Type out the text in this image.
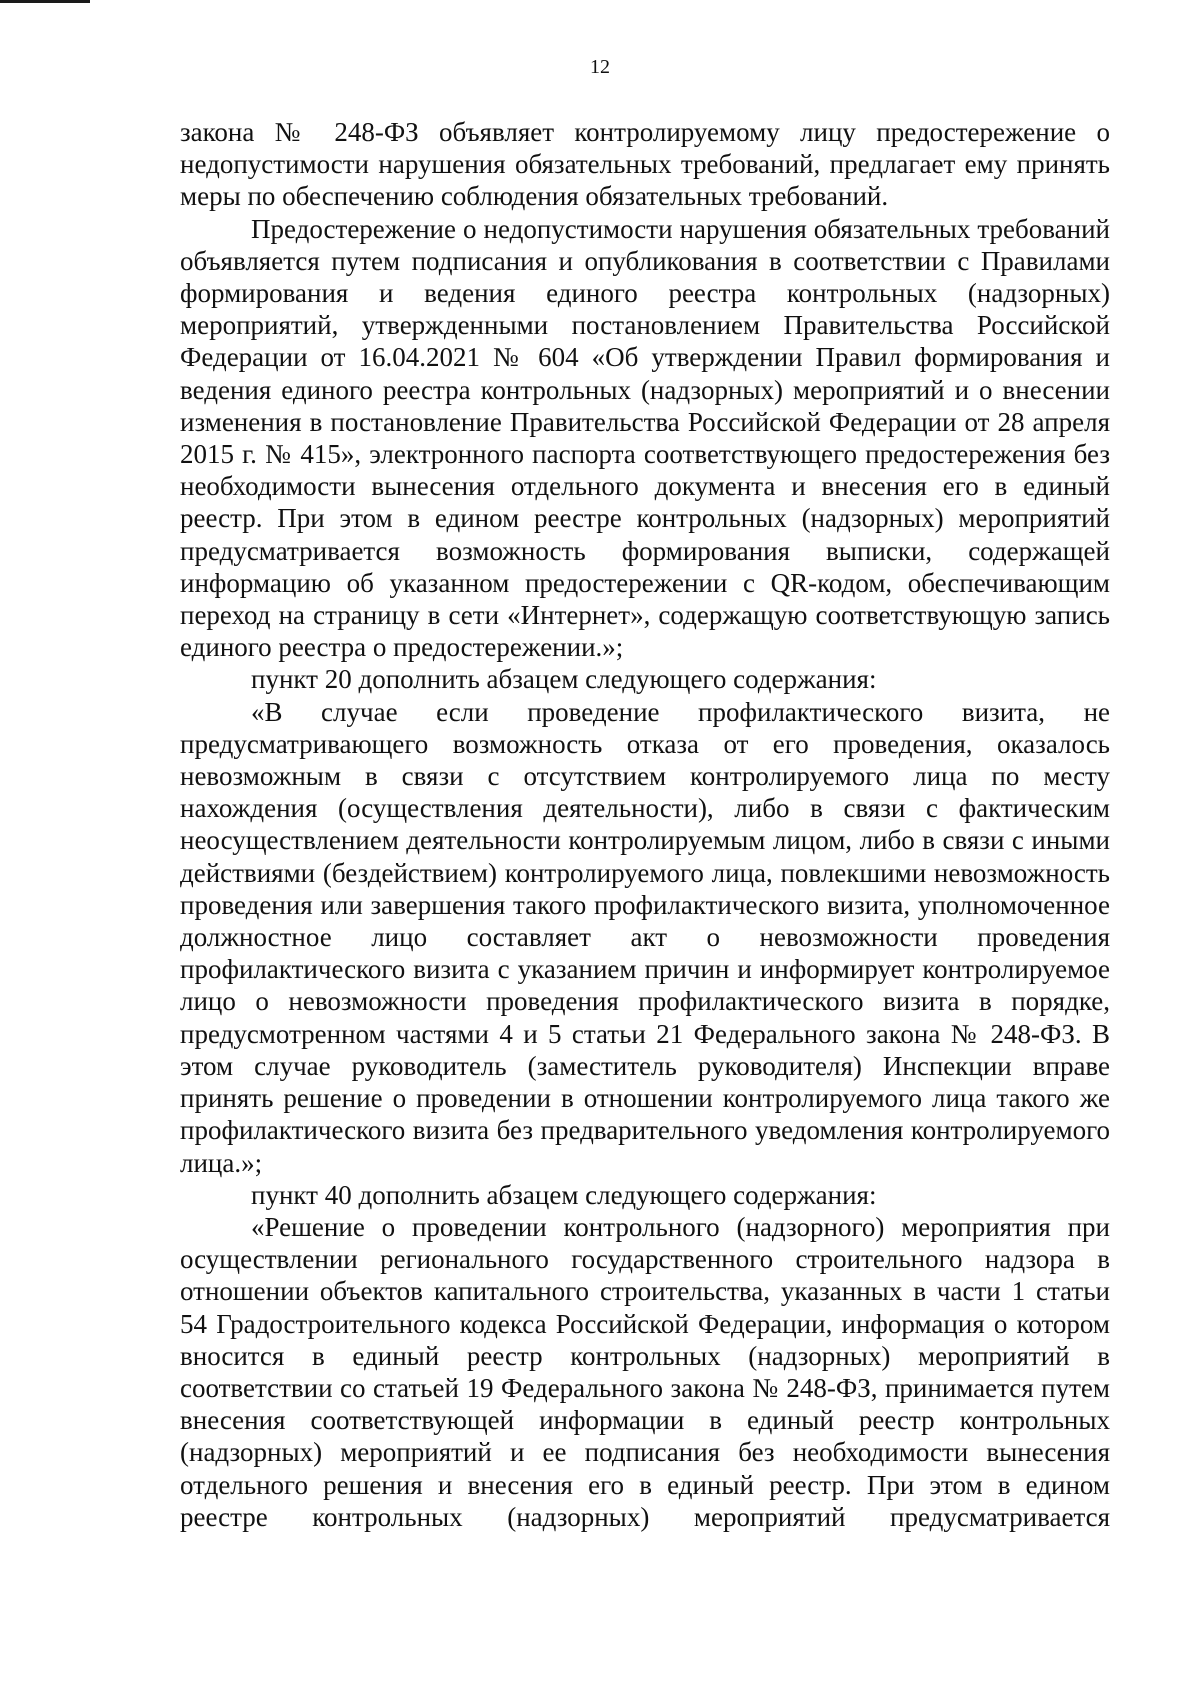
12

закона № 248-ФЗ объявляет контролируемому лицу предостережение о недопустимости нарушения обязательных требований, предлагает ему принять меры по обеспечению соблюдения обязательных требований.

Предостережение о недопустимости нарушения обязательных требований объявляется путем подписания и опубликования в соответствии с Правилами формирования и ведения единого реестра контрольных (надзорных) мероприятий, утвержденными постановлением Правительства Российской Федерации от 16.04.2021 № 604 «Об утверждении Правил формирования и ведения единого реестра контрольных (надзорных) мероприятий и о внесении изменения в постановление Правительства Российской Федерации от 28 апреля 2015 г. № 415», электронного паспорта соответствующего предостережения без необходимости вынесения отдельного документа и внесения его в единый реестр. При этом в едином реестре контрольных (надзорных) мероприятий предусматривается возможность формирования выписки, содержащей информацию об указанном предостережении с QR-кодом, обеспечивающим переход на страницу в сети «Интернет», содержащую соответствующую запись единого реестра о предостережении.»;

пункт 20 дополнить абзацем следующего содержания:

«В случае если проведение профилактического визита, не предусматривающего возможность отказа от его проведения, оказалось невозможным в связи с отсутствием контролируемого лица по месту нахождения (осуществления деятельности), либо в связи с фактическим неосуществлением деятельности контролируемым лицом, либо в связи с иными действиями (бездействием) контролируемого лица, повлекшими невозможность проведения или завершения такого профилактического визита, уполномоченное должностное лицо составляет акт о невозможности проведения профилактического визита с указанием причин и информирует контролируемое лицо о невозможности проведения профилактического визита в порядке, предусмотренном частями 4 и 5 статьи 21 Федерального закона № 248-ФЗ. В этом случае руководитель (заместитель руководителя) Инспекции вправе принять решение о проведении в отношении контролируемого лица такого же профилактического визита без предварительного уведомления контролируемого лица.»;

пункт 40 дополнить абзацем следующего содержания:

«Решение о проведении контрольного (надзорного) мероприятия при осуществлении регионального государственного строительного надзора в отношении объектов капитального строительства, указанных в части 1 статьи 54 Градостроительного кодекса Российской Федерации, информация о котором вносится в единый реестр контрольных (надзорных) мероприятий в соответствии со статьей 19 Федерального закона № 248-ФЗ, принимается путем внесения соответствующей информации в единый реестр контрольных (надзорных) мероприятий и ее подписания без необходимости вынесения отдельного решения и внесения его в единый реестр. При этом в едином реестре контрольных (надзорных) мероприятий предусматривается
